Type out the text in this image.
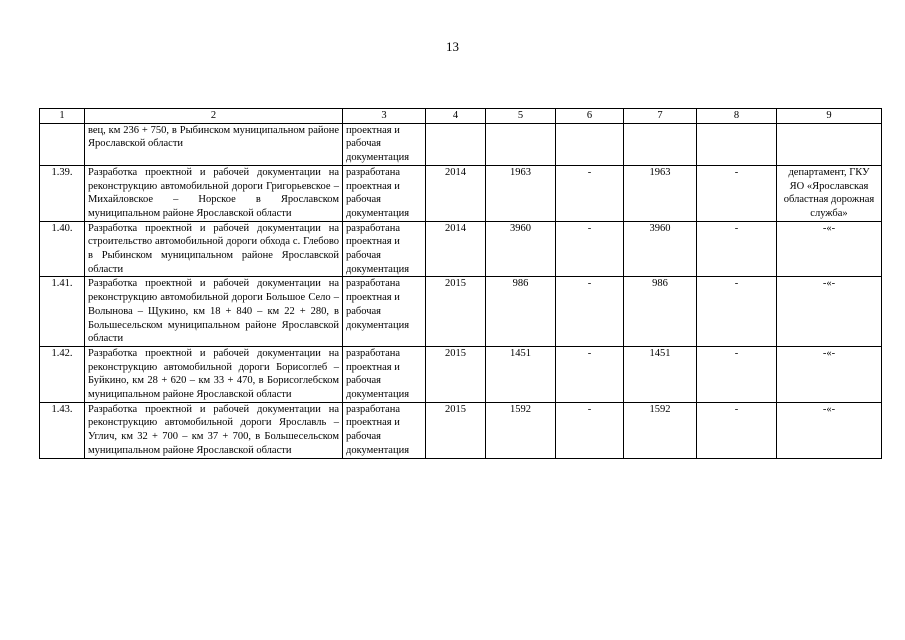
13
1	2	3	4	5	6	7	8	9
	вец, км 236 + 750, в Рыбинском муниципальном районе Ярославской области	проектная и рабочая документация						
1.39.	Разработка проектной и рабочей документации на реконструкцию автомобильной дороги Григорьевское – Михайловское – Норское в Ярославском муниципальном районе Ярославской области	разработана проектная и рабочая документация	2014	1963	-	1963	-	департамент, ГКУ ЯО «Ярославская областная дорожная служба»
1.40.	Разработка проектной и рабочей документации на строительство автомобильной дороги обхода с. Глебово в Рыбинском муниципальном районе Ярославской области	разработана проектная и рабочая документация	2014	3960	-	3960	-	-«-
1.41.	Разработка проектной и рабочей документации на реконструкцию автомобильной дороги Большое Село – Волынова – Щукино, км 18 + 840 – км 22 + 280, в Большесельском муниципальном районе Ярославской области	разработана проектная и рабочая документация	2015	986	-	986	-	-«-
1.42.	Разработка проектной и рабочей документации на реконструкцию автомобильной дороги Борисоглеб – Буйкино, км 28 + 620 – км 33 + 470, в Борисоглебском муниципальном районе Ярославской области	разработана проектная и рабочая документация	2015	1451	-	1451	-	-«-
1.43.	Разработка проектной и рабочей документации на реконструкцию автомобильной дороги Ярославль – Углич, км 32 + 700 – км 37 + 700, в Большесельском муниципальном районе Ярославской области	разработана проектная и рабочая документация	2015	1592	-	1592	-	-«-
